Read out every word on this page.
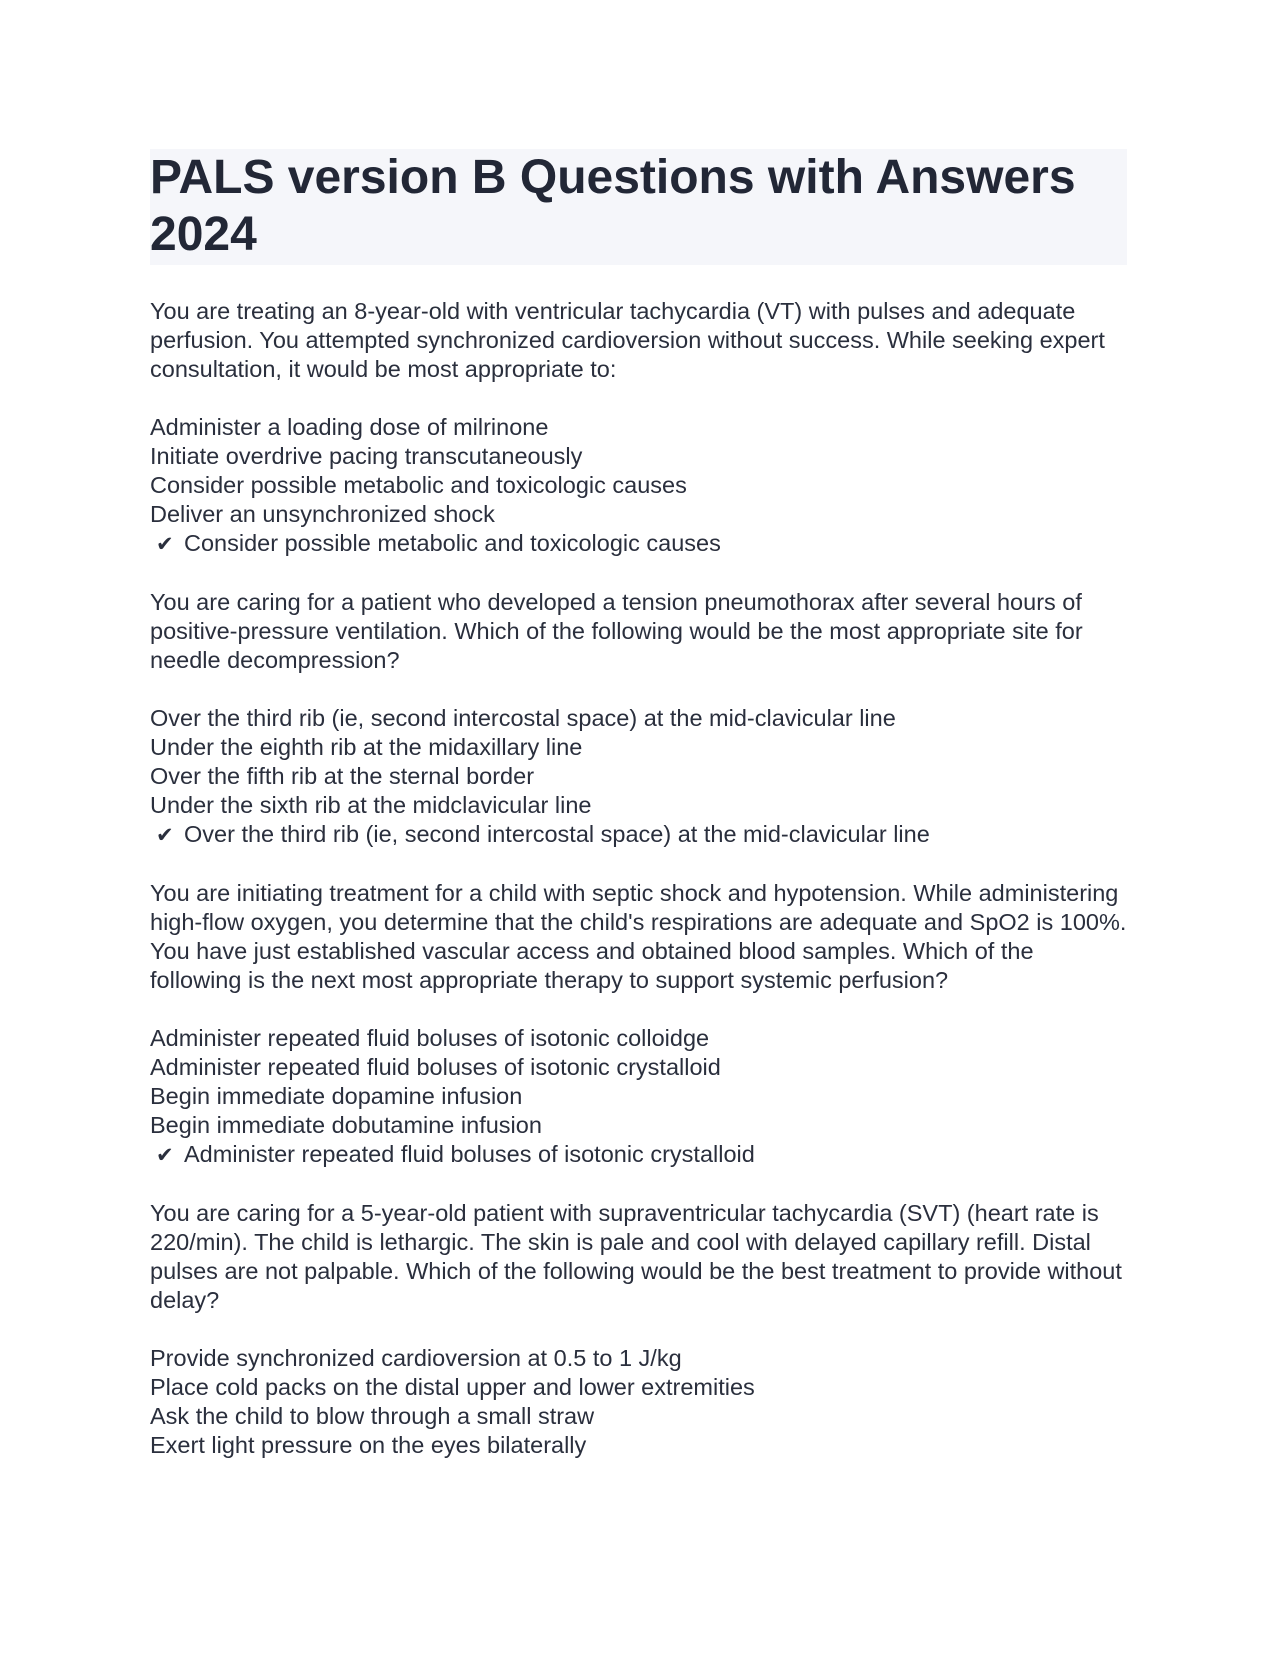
PALS version B Questions with Answers 2024

You are treating an 8-year-old with ventricular tachycardia (VT) with pulses and adequate perfusion. You attempted synchronized cardioversion without success. While seeking expert consultation, it would be most appropriate to:

Administer a loading dose of milrinone
Initiate overdrive pacing transcutaneously
Consider possible metabolic and toxicologic causes
Deliver an unsynchronized shock
✔ Consider possible metabolic and toxicologic causes

You are caring for a patient who developed a tension pneumothorax after several hours of positive-pressure ventilation. Which of the following would be the most appropriate site for needle decompression?

Over the third rib (ie, second intercostal space) at the mid-clavicular line
Under the eighth rib at the midaxillary line
Over the fifth rib at the sternal border
Under the sixth rib at the midclavicular line
✔ Over the third rib (ie, second intercostal space) at the mid-clavicular line

You are initiating treatment for a child with septic shock and hypotension. While administering high-flow oxygen, you determine that the child's respirations are adequate and SpO2 is 100%. You have just established vascular access and obtained blood samples. Which of the following is the next most appropriate therapy to support systemic perfusion?

Administer repeated fluid boluses of isotonic colloidge
Administer repeated fluid boluses of isotonic crystalloid
Begin immediate dopamine infusion
Begin immediate dobutamine infusion
✔ Administer repeated fluid boluses of isotonic crystalloid

You are caring for a 5-year-old patient with supraventricular tachycardia (SVT) (heart rate is 220/min). The child is lethargic. The skin is pale and cool with delayed capillary refill. Distal pulses are not palpable. Which of the following would be the best treatment to provide without delay?

Provide synchronized cardioversion at 0.5 to 1 J/kg
Place cold packs on the distal upper and lower extremities
Ask the child to blow through a small straw
Exert light pressure on the eyes bilaterally
